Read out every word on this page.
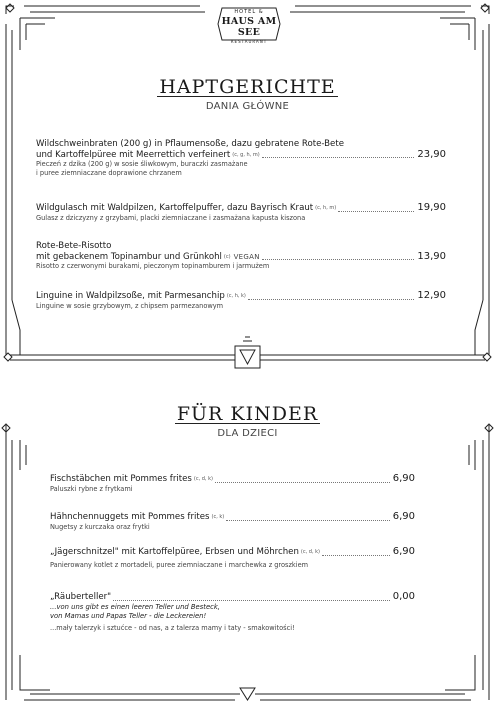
HOTEL &
HAUS AM SEE
RESTAURANT
HAPTGERICHTE
DANIA GŁÓWNE
Wildschweinbraten (200 g) in Pflaumensoße, dazu gebratene Rote-Bete
und Kartoffelpüree mit Meerrettich verfeinert (c, g, h, m)	23,90
Pieczeń z dzika (200 g) w sosie śliwkowym, buraczki zasmażane
i puree ziemniaczane doprawione chrzanem
Wildgulasch mit Waldpilzen, Kartoffelpuffer, dazu Bayrisch Kraut (c, h, m)	19,90
Gulasz z dziczyzny z grzybami, placki ziemniaczane i zasmażana kapusta kiszona
Rote-Bete-Risotto
mit gebackenem Topinambur und Grünkohl (c) VEGAN	13,90
Risotto z czerwonymi burakami, pieczonym topinamburem i jarmużem
Linguine in Waldpilzsoße, mit Parmesanchip (c, h, k)	12,90
Linguine w sosie grzybowym, z chipsem parmezanowym
FÜR KINDER
DLA DZIECI
Fischstäbchen mit Pommes frites (c, d, k)	6,90
Paluszki rybne z frytkami
Hähnchennuggets mit Pommes frites (c, k)	6,90
Nugetsy z kurczaka oraz frytki
„Jägerschnitzel" mit Kartoffelpüree, Erbsen und Möhrchen (c, d, k)	6,90
Panierowany kotlet z mortadeli, puree ziemniaczane i marchewka z groszkiem
„Räuberteller"	0,00
...von uns gibt es einen leeren Teller und Besteck,
von Mamas und Papas Teller - die Leckereien!
...mały talerzyk i sztućce - od nas, a z talerza mamy i taty - smakowitości!
